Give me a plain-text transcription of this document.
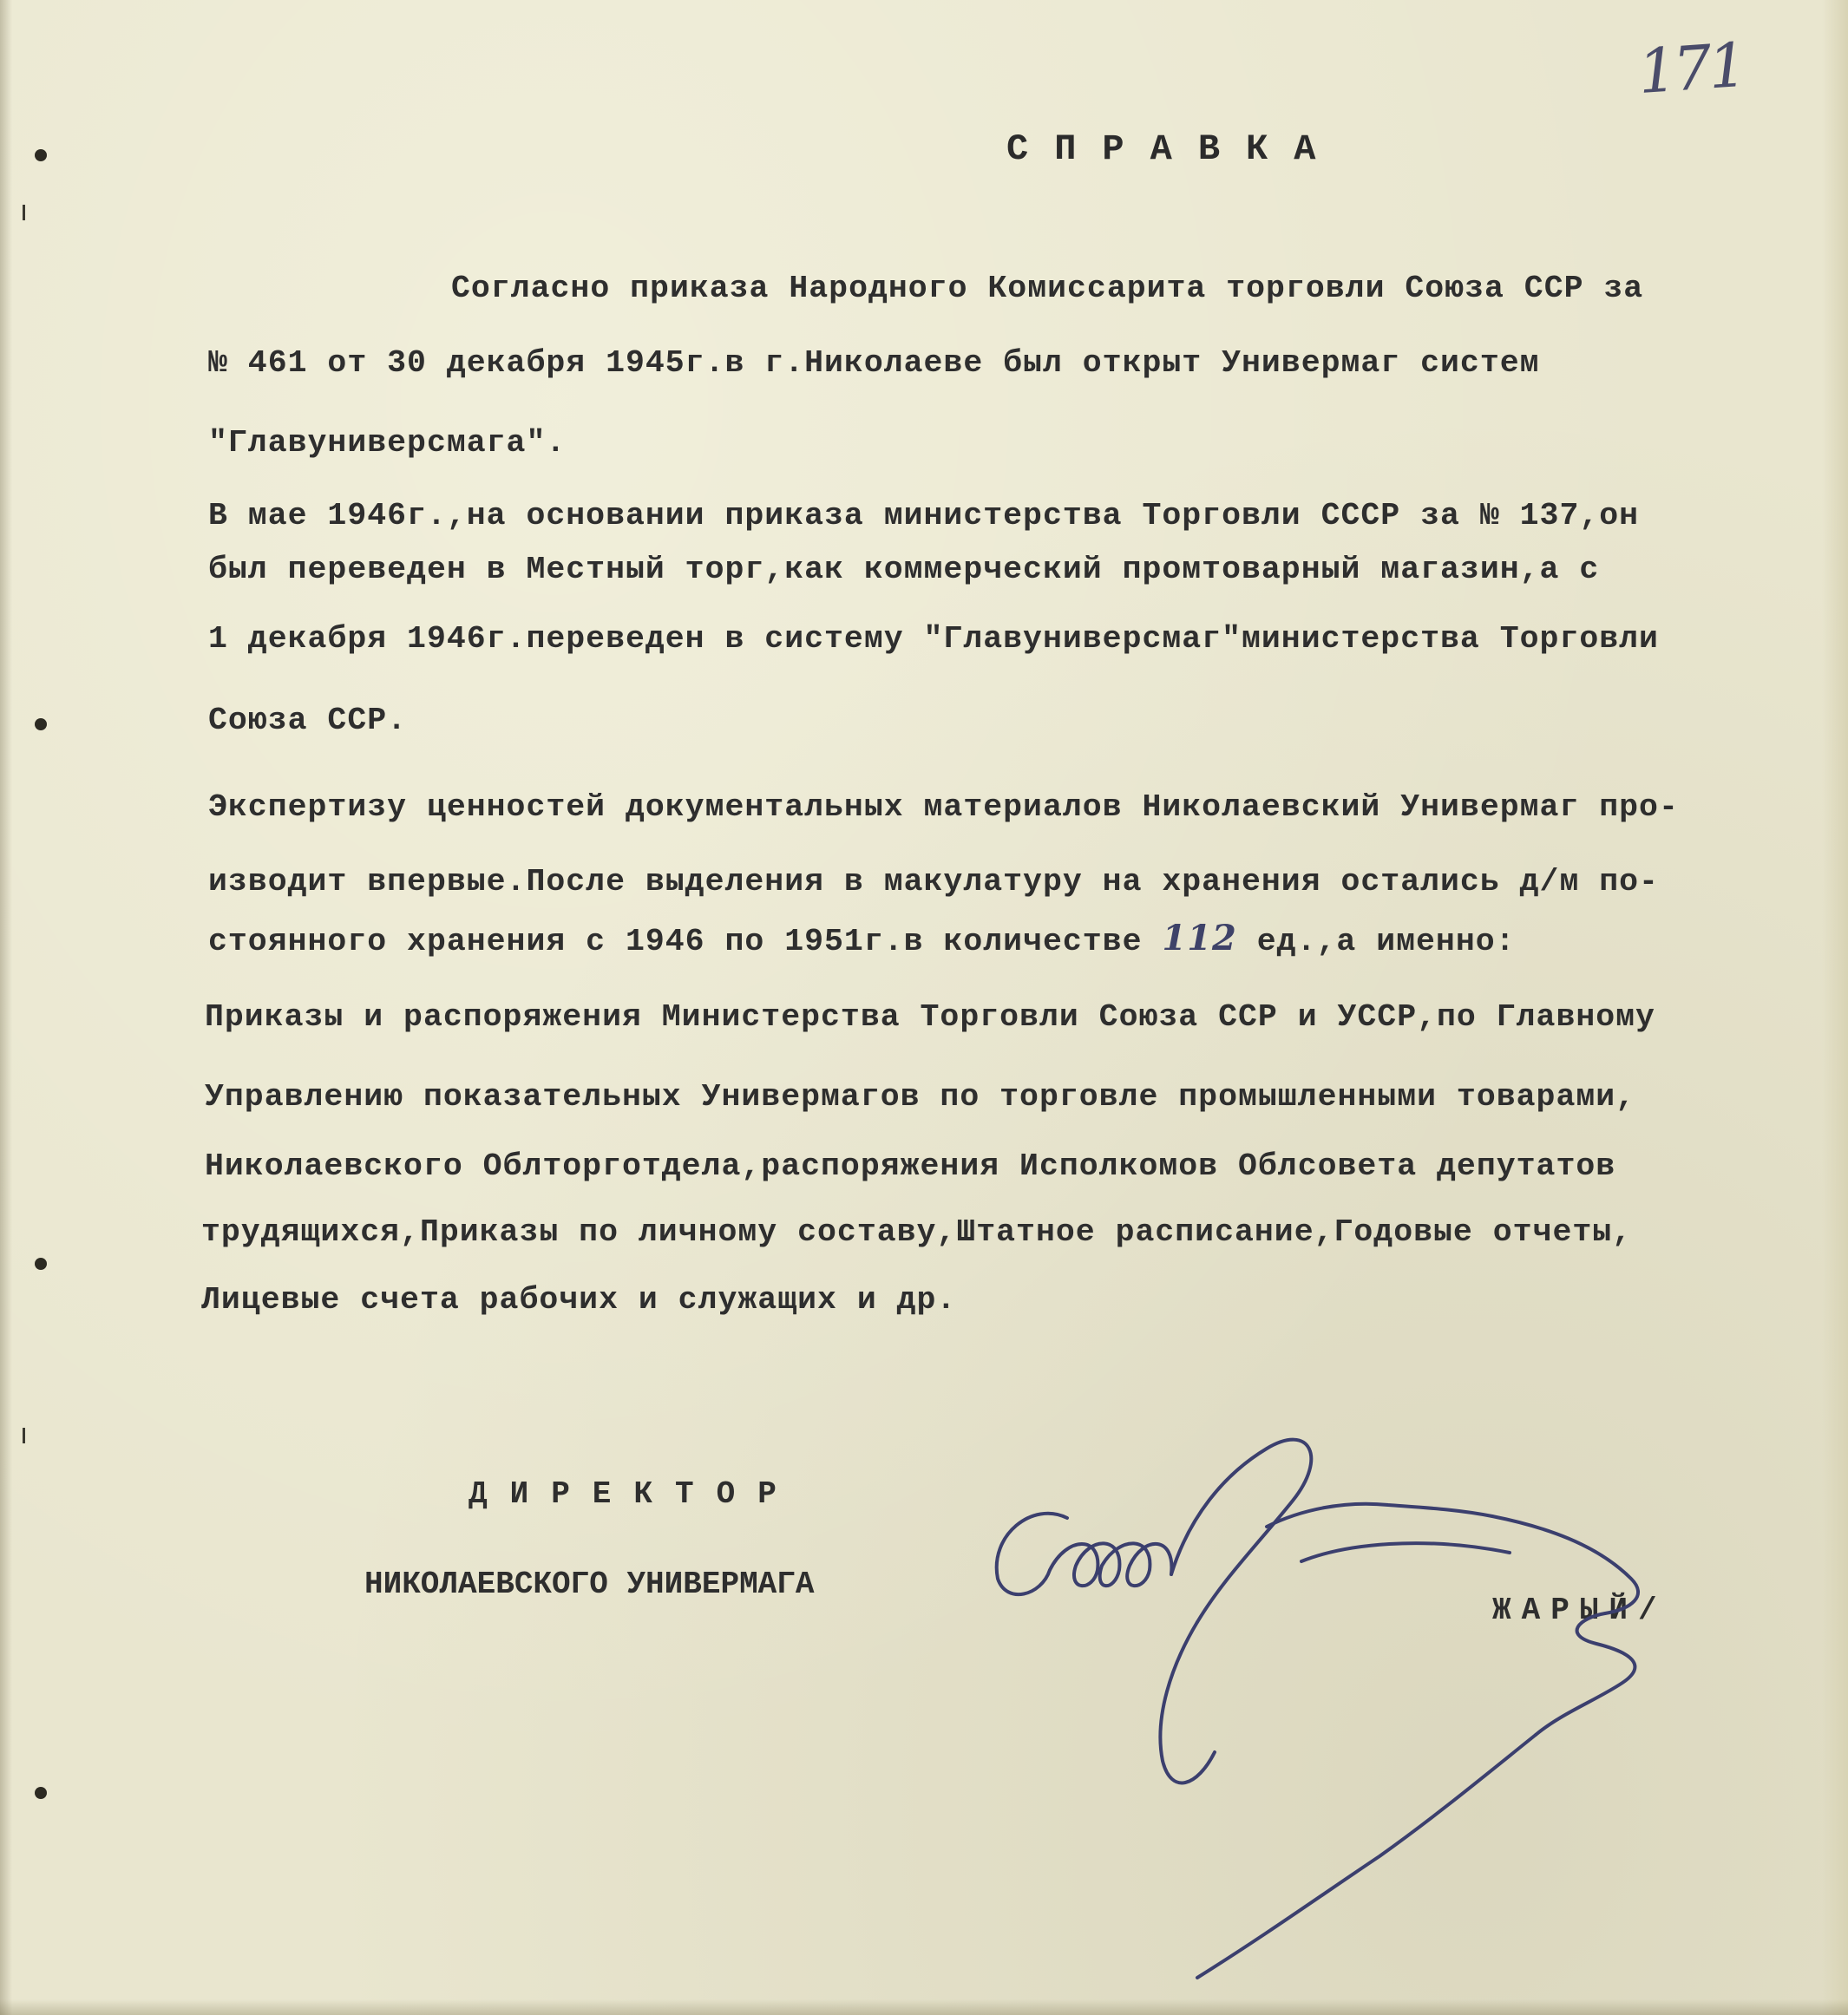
171
СПРАВКА
Согласно приказа Народного Комиссарита торговли Союза ССР за
№ 461 от 30 декабря 1945г.в г.Николаеве был открыт Универмаг систем
"Главуниверсмага".
В мае 1946г.,на основании приказа министерства Торговли СССР за № 137,он
был переведен в Местный торг,как коммерческий промтоварный магазин,а с
1 декабря 1946г.переведен в систему "Главуниверсмаг"министерства Торговли
Союза ССР.
Экспертизу ценностей документальных материалов Николаевский Универмаг про-
изводит впервые.После выделения в макулатуру на хранения остались д/м по-
стоянного хранения с 1946 по 1951г.в количестве 112 ед.,а именно:
Приказы и распоряжения Министерства Торговли Союза ССР и УССР,по Главному
Управлению показательных Универмагов по торговле промышленными товарами,
Николаевского Облторготдела,распоряжения Исполкомов Облсовета депутатов
трудящихся,Приказы по личному составу,Штатное расписание,Годовые отчеты,
Лицевые счета рабочих и служащих и др.
ДИРЕКТОР
НИКОЛАЕВСКОГО УНИВЕРМАГА
ЖАРЫЙ/
